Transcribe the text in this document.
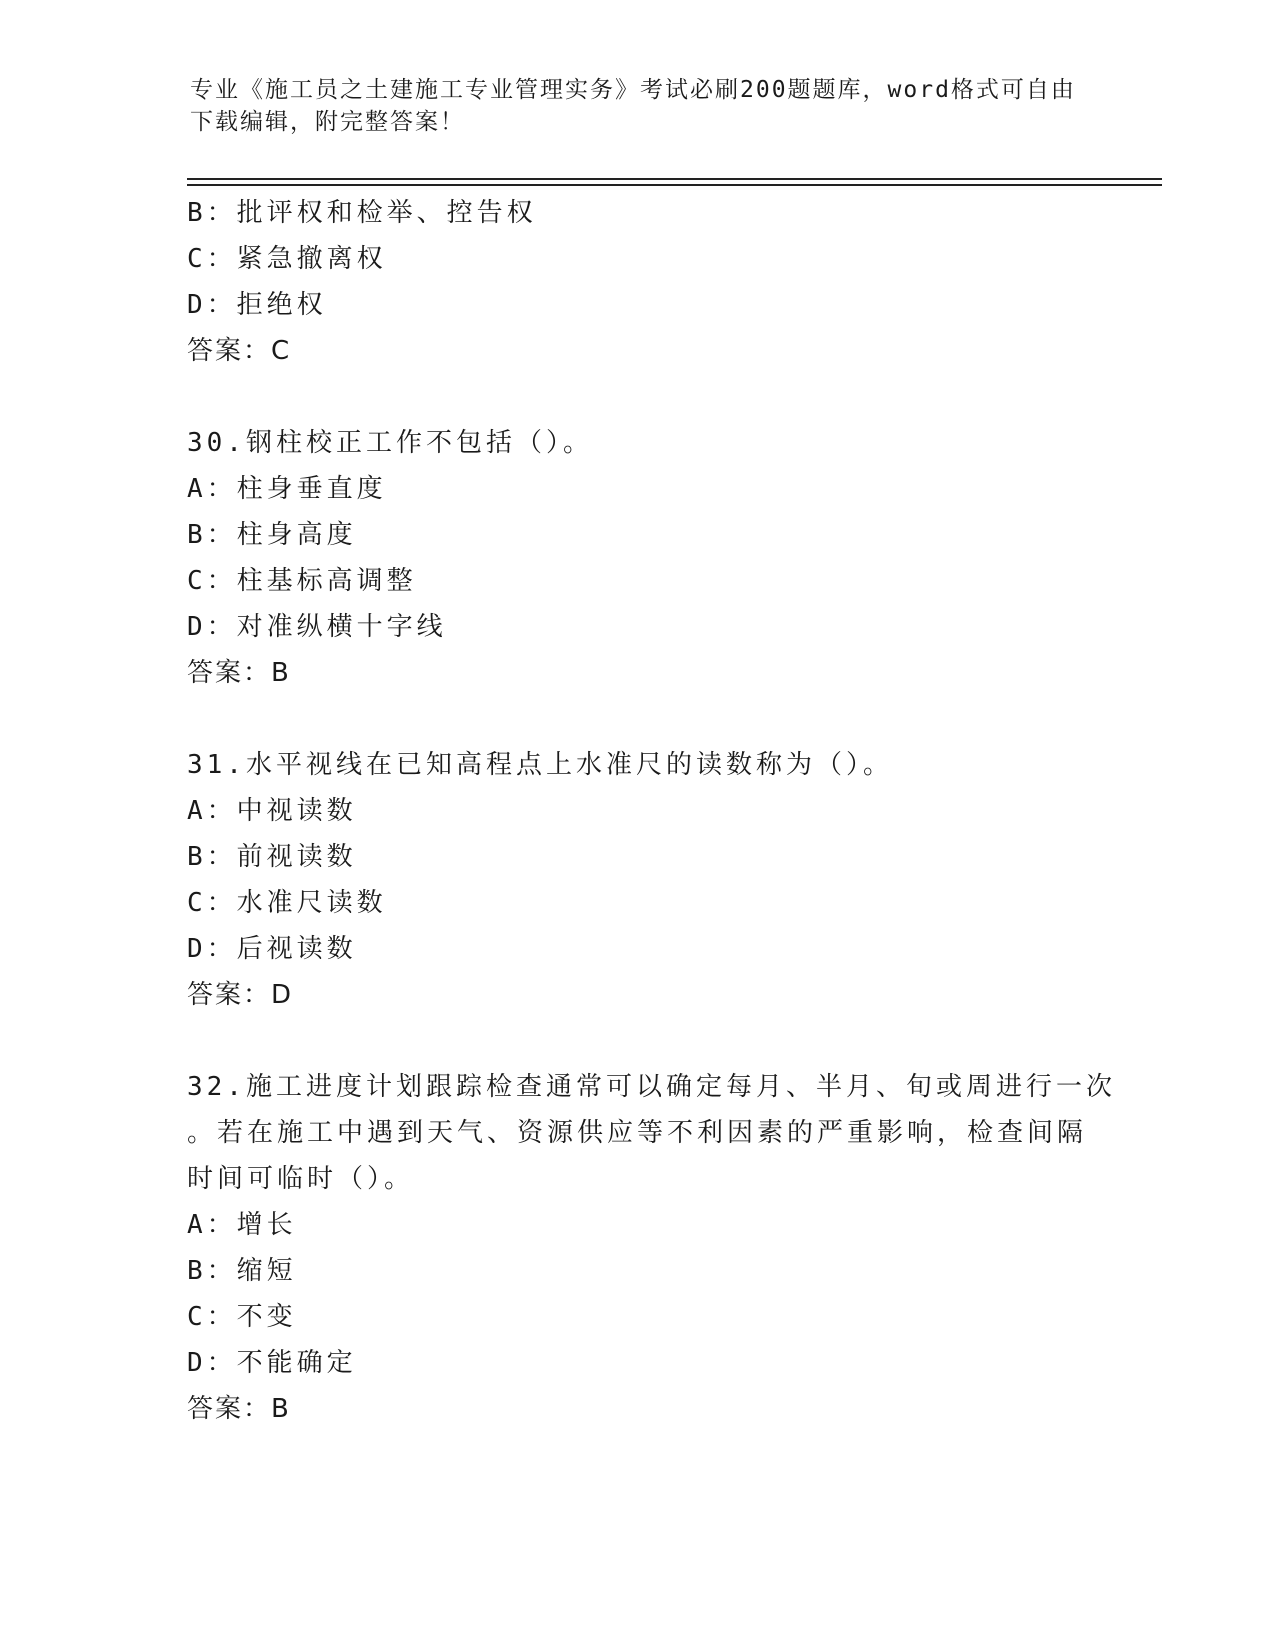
专业《施工员之土建施工专业管理实务》考试必刷200题题库，word格式可自由
下载编辑，附完整答案！
B：批评权和检举、控告权
C：紧急撤离权
D：拒绝权
答案：C
30.钢柱校正工作不包括（）。
A：柱身垂直度
B：柱身高度
C：柱基标高调整
D：对准纵横十字线
答案：B
31.水平视线在已知高程点上水准尺的读数称为（）。
A：中视读数
B：前视读数
C：水准尺读数
D：后视读数
答案：D
32.施工进度计划跟踪检查通常可以确定每月、半月、旬或周进行一次
。若在施工中遇到天气、资源供应等不利因素的严重影响，检查间隔
时间可临时（）。
A：增长
B：缩短
C：不变
D：不能确定
答案：B
